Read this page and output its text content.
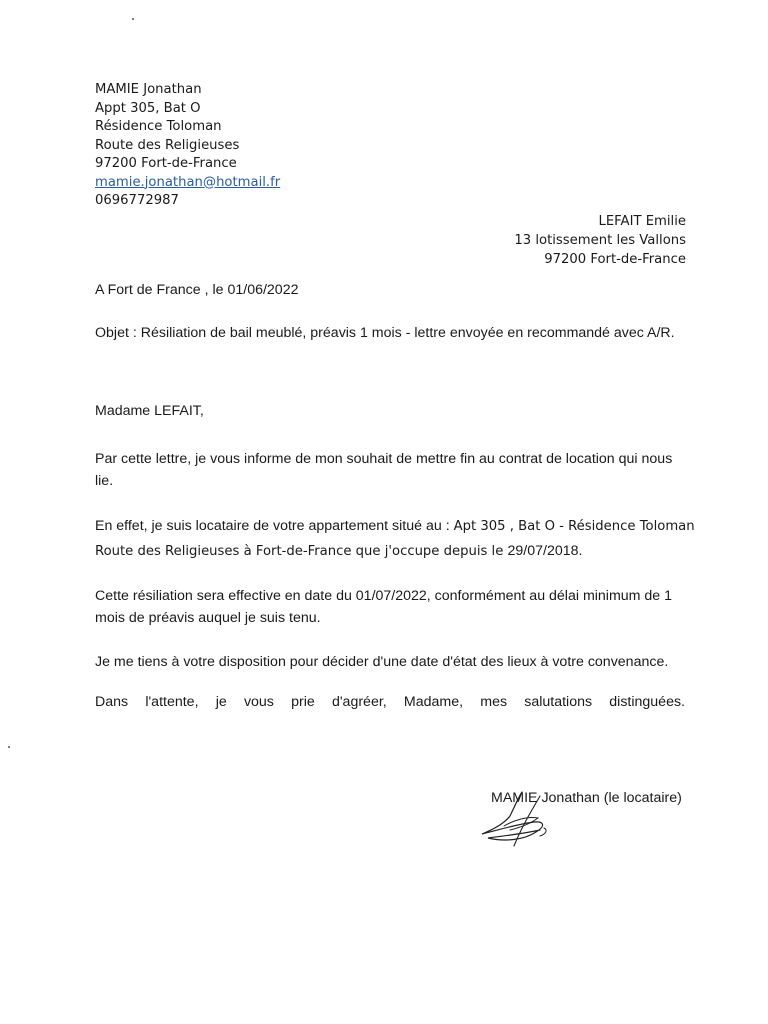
MAMIE Jonathan
Appt 305, Bat O
Résidence Toloman
Route des Religieuses
97200 Fort-de-France
mamie.jonathan@hotmail.fr
0696772987
LEFAIT Emilie
13 lotissement les Vallons
97200 Fort-de-France
A Fort de France , le 01/06/2022
Objet : Résiliation de bail meublé, préavis 1 mois - lettre envoyée en recommandé avec A/R.
Madame LEFAIT,
Par cette lettre, je vous informe de mon souhait de mettre fin au contrat de location qui nous
lie.
En effet, je suis locataire de votre appartement situé au : Apt 305 , Bat O - Résidence Toloman
Route des Religieuses à Fort-de-France que j'occupe depuis le 29/07/2018.
Cette résiliation sera effective en date du 01/07/2022, conformément au délai minimum de 1
mois de préavis auquel je suis tenu.
Je me tiens à votre disposition pour décider d'une date d'état des lieux à votre convenance.
Dans l'attente, je vous prie d'agréer, Madame, mes salutations distinguées.
MAMIE Jonathan (le locataire)
